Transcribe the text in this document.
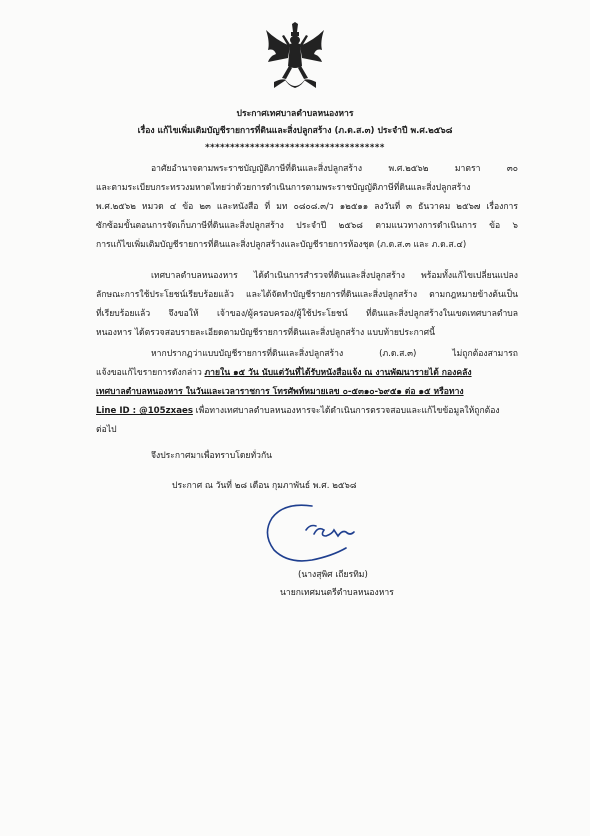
ประกาศเทศบาลตำบลหนองหาร
เรื่อง แก้ไขเพิ่มเติมบัญชีรายการที่ดินและสิ่งปลูกสร้าง (ภ.ด.ส.๓) ประจำปี พ.ศ.๒๕๖๘
************************************
อาศัยอำนาจตามพระราชบัญญัติภาษีที่ดินและสิ่งปลูกสร้าง พ.ศ.๒๕๖๒ มาตรา ๓๐
และตามระเบียบกระทรวงมหาดไทยว่าด้วยการดำเนินการตามพระราชบัญญัติภาษีที่ดินและสิ่งปลูกสร้าง
พ.ศ.๒๕๖๒ หมวด ๔ ข้อ ๒๓ และหนังสือ ที่ มท ๐๘๐๘.๓/ว ๑๒๕๑๑ ลงวันที่ ๓ ธันวาคม ๒๕๖๗ เรื่องการ
ซักซ้อมขั้นตอนการจัดเก็บภาษีที่ดินและสิ่งปลูกสร้าง ประจำปี ๒๕๖๘ ตามแนวทางการดำเนินการ ข้อ ๖
การแก้ไขเพิ่มเติมบัญชีรายการที่ดินและสิ่งปลูกสร้างและบัญชีรายการห้องชุด (ภ.ด.ส.๓ และ ภ.ด.ส.๔)
เทศบาลตำบลหนองหาร ได้ดำเนินการสำรวจที่ดินและสิ่งปลูกสร้าง พร้อมทั้งแก้ไขเปลี่ยนแปลง
ลักษณะการใช้ประโยชน์เรียบร้อยแล้ว และได้จัดทำบัญชีรายการที่ดินและสิ่งปลูกสร้าง ตามกฎหมายข้างต้นเป็น
ที่เรียบร้อยแล้ว จึงขอให้ เจ้าของ/ผู้ครอบครอง/ผู้ใช้ประโยชน์ ที่ดินและสิ่งปลูกสร้างในเขตเทศบาลตำบล
หนองหาร ได้ตรวจสอบรายละเอียดตามบัญชีรายการที่ดินและสิ่งปลูกสร้าง แบบท้ายประกาศนี้
หากปรากฏว่าแบบบัญชีรายการที่ดินและสิ่งปลูกสร้าง (ภ.ด.ส.๓) ไม่ถูกต้องสามารถ
แจ้งขอแก้ไขรายการดังกล่าว ภายใน ๑๕ วัน นับแต่วันที่ได้รับหนังสือแจ้ง ณ งานพัฒนารายได้ กองคลัง
เทศบาลตำบลหนองหาร ในวันและเวลาราชการ โทรศัพท์หมายเลข ๐-๕๓๑๐-๖๙๕๑ ต่อ ๑๕ หรือทาง
Line ID : @105zxaes เพื่อทางเทศบาลตำบลหนองหารจะได้ดำเนินการตรวจสอบและแก้ไขข้อมูลให้ถูกต้อง
ต่อไป
จึงประกาศมาเพื่อทราบโดยทั่วกัน
ประกาศ ณ วันที่ ๒๘ เดือน กุมภาพันธ์ พ.ศ. ๒๕๖๘
(นางสุพิศ เถียรทิม)
นายกเทศมนตรีตำบลหนองหาร
